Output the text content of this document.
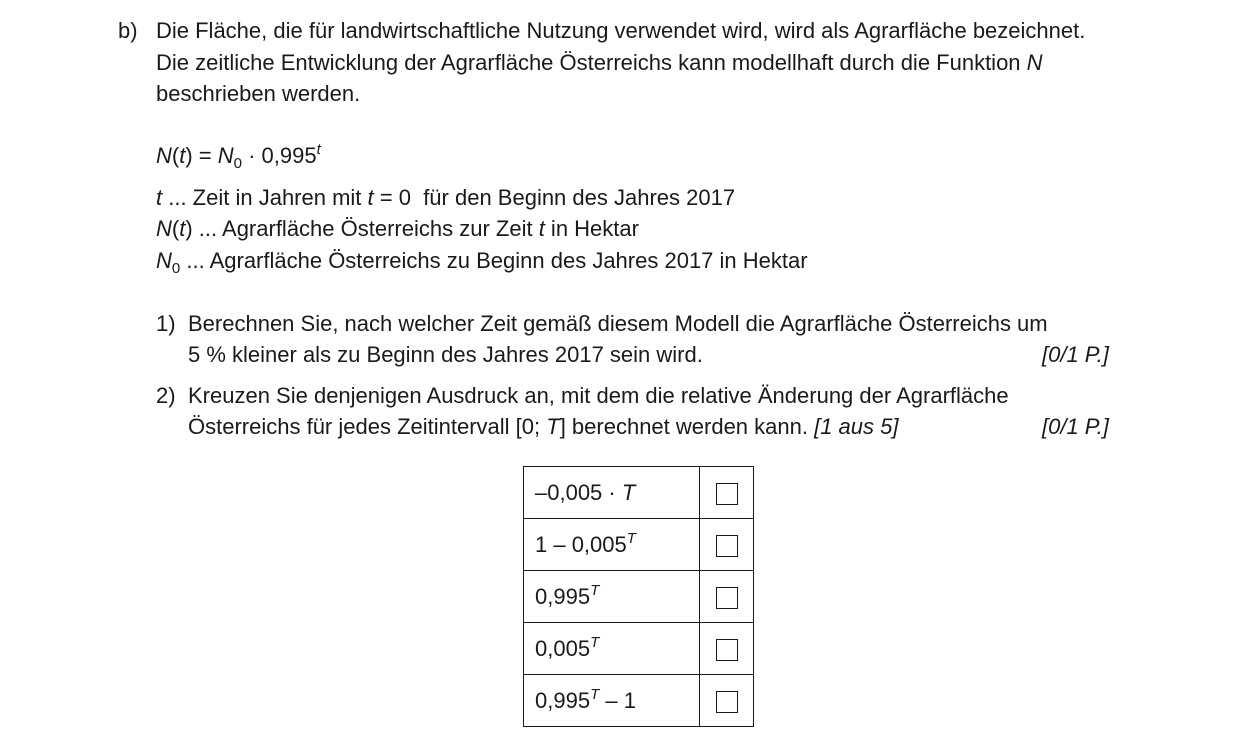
b) Die Fläche, die für landwirtschaftliche Nutzung verwendet wird, wird als Agrarfläche bezeichnet.
Die zeitliche Entwicklung der Agrarfläche Österreichs kann modellhaft durch die Funktion N
beschrieben werden.
$N(t) = N_0 \cdot 0,995^t$
t ... Zeit in Jahren mit t = 0  für den Beginn des Jahres 2017
N(t) ... Agrarfläche Österreichs zur Zeit t in Hektar
$N_0$ ... Agrarfläche Österreichs zu Beginn des Jahres 2017 in Hektar
1) Berechnen Sie, nach welcher Zeit gemäß diesem Modell die Agrarfläche Österreichs um
5 % kleiner als zu Beginn des Jahres 2017 sein wird.	[0/1 P.]
2) Kreuzen Sie denjenigen Ausdruck an, mit dem die relative Änderung der Agrarfläche
Österreichs für jedes Zeitintervall [0; T] berechnet werden kann. [1 aus 5]	[0/1 P.]
–0,005 · T	
$1 - 0,005^T$	
$0,995^T$	
$0,005^T$	
$0,995^T - 1$	
